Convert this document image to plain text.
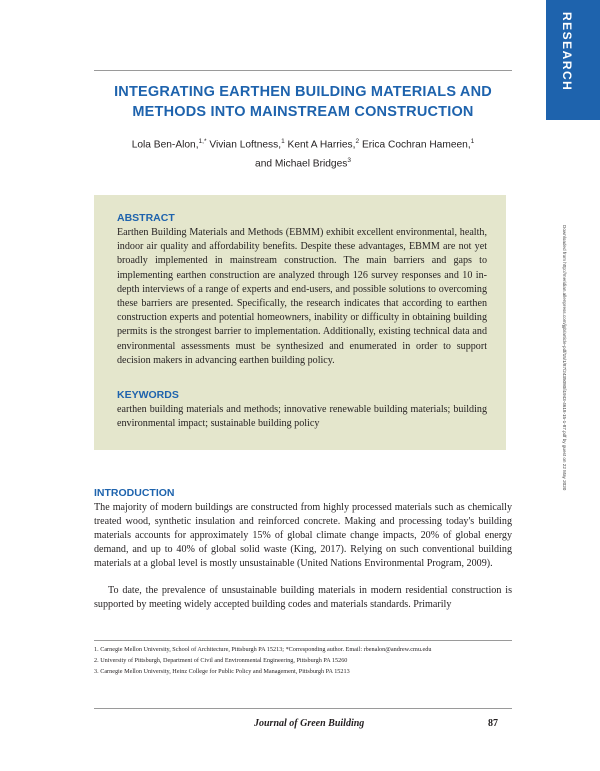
RESEARCH
INTEGRATING EARTHEN BUILDING MATERIALS AND METHODS INTO MAINSTREAM CONSTRUCTION
Lola Ben-Alon,$^{1,*}$ Vivian Loftness,$^1$ Kent A Harries,$^2$ Erica Cochran Hameen,$^1$
and Michael Bridges$^3$
ABSTRACT

Earthen Building Materials and Methods (EBMM) exhibit excellent environmental, health, indoor air quality and affordability benefits. Despite these advantages, EBMM are not yet broadly implemented in mainstream construction. The main barriers and gaps to implementing earthen construction are analyzed through 126 survey responses and 10 in-depth interviews of a range of experts and end-users, and possible solutions to overcoming these barriers are presented. Specifically, the research indicates that according to earthen construction experts and potential homeowners, inability or difficulty in obtaining building permits is the strongest barrier to implementation. Additionally, existing technical data and environmental assessments must be synthesized and enumerated in order to support decision makers in advancing earthen building policy.

KEYWORDS

earthen building materials and methods; innovative renewable building materials; building environmental impact; sustainable building policy	Downloaded from http://meridian.allenpress.com/jgb/article-pdf/15/1/87/2435080/i1943-4618-15-1-87.pdf by guest on 22 May 2020
INTRODUCTION

The majority of modern buildings are constructed from highly processed materials such as chemically treated wood, synthetic insulation and reinforced concrete. Making and processing today's building materials accounts for approximately 15% of global climate change impacts, 20% of global energy demand, and up to 40% of global solid waste (King, 2017). Relying on such conventional building materials at a global level is mostly unsustainable (United Nations Environmental Program, 2009).

To date, the prevalence of unsustainable building materials in modern residential construction is supported by meeting widely accepted building codes and materials standards. Primarily

1. Carnegie Mellon University, School of Architecture, Pittsburgh PA 15213; *Corresponding author. Email: rbenalon@andrew.cmu.edu
2. University of Pittsburgh, Department of Civil and Environmental Engineering, Pittsburgh PA 15260
3. Carnegie Mellon University, Heinz College for Public Policy and Management, Pittsburgh PA 15213
Journal of Green Building	87
